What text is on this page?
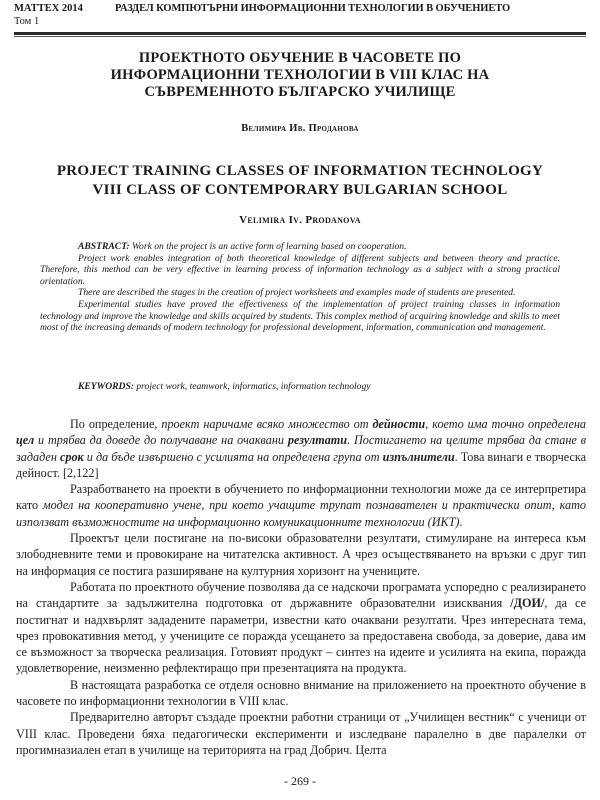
MATTEX 2014
Том 1
РАЗДЕЛ КОМПЮТЪРНИ ИНФОРМАЦИОННИ ТЕХНОЛОГИИ В ОБУЧЕНИЕТО
ПРОЕКТНОТО ОБУЧЕНИЕ В ЧАСОВЕТЕ ПО
ИНФОРМАЦИОННИ ТЕХНОЛОГИИ В VIII КЛАС НА
СЪВРЕМЕННОТО БЪЛГАРСКО УЧИЛИЩЕ
Велимира Ив. Проданова
PROJECT TRAINING CLASSES OF INFORMATION TECHNOLOGY
VIII CLASS OF CONTEMPORARY BULGARIAN SCHOOL
Velimira Iv. Prodanova

ABSTRACT: Work on the project is an active form of learning based on cooperation.

Project work enables integration of both theoretical knowledge of different subjects and between theory and practice. Therefore, this method can be very effective in learning process of information technology as a subject with a strong practical orientation.

There are described the stages in the creation of project worksheets and examples made of students are presented.

Experimental studies have proved the effectiveness of the implementation of project training classes in information technology and improve the knowledge and skills acquired by students. This complex method of acquiring knowledge and skills to meet most of the increasing demands of modern technology for professional development, information, communication and management.

KEYWORDS: project work, teamwork, informatics, information technology

По определение, проект наричаме всяко множество от дейности, което има точно определена цел и трябва да доведе до получаване на очаквани резултати. Постигането на целите трябва да стане в зададен срок и да бъде извършено с усилията на определена група от изпълнители. Това винаги е творческа дейност. [2,122]

Разработването на проекти в обучението по информационни технологии може да се интерпретира като модел на кооперативно учене, при което учащите трупат познавателен и практически опит, като използват възможностите на информационно комуникационните технологии (ИКТ).

Проектът цели постигане на по-високи образователни резултати, стимулиране на интереса към злободневните теми и провокиране на читателска активност. А чрез осъществяването на връзки с друг тип на информация се постига разширяване на културния хоризонт на учениците.

Работата по проектното обучение позволява да се надскочи програмата успоредно с реализирането на стандартите за задължителна подготовка от държавните образователни изисквания /ДОИ/, да се постигнат и надхвърлят зададените параметри, известни като очаквани резултати. Чрез интересната тема, чрез провокативния метод, у учениците се поражда усещането за предоставена свобода, за доверие, дава им се възможност за творческа реализация. Готовият продукт – синтез на идеите и усилията на екипа, поражда удовлетворение, неизменно рефлектиращо при презентацията на продукта.

В настоящата разработка се отделя основно внимание на приложението на проектното обучение в часовете по информационни технологии в VIII клас.

Предварително авторът създаде проектни работни страници от „Училищен вестник“ с ученици от VIII клас. Проведени бяха педагогически експерименти и изследване паралелно в две паралелки от прогимназиален етап в училище на територията на град Добрич. Целта

- 269 -
